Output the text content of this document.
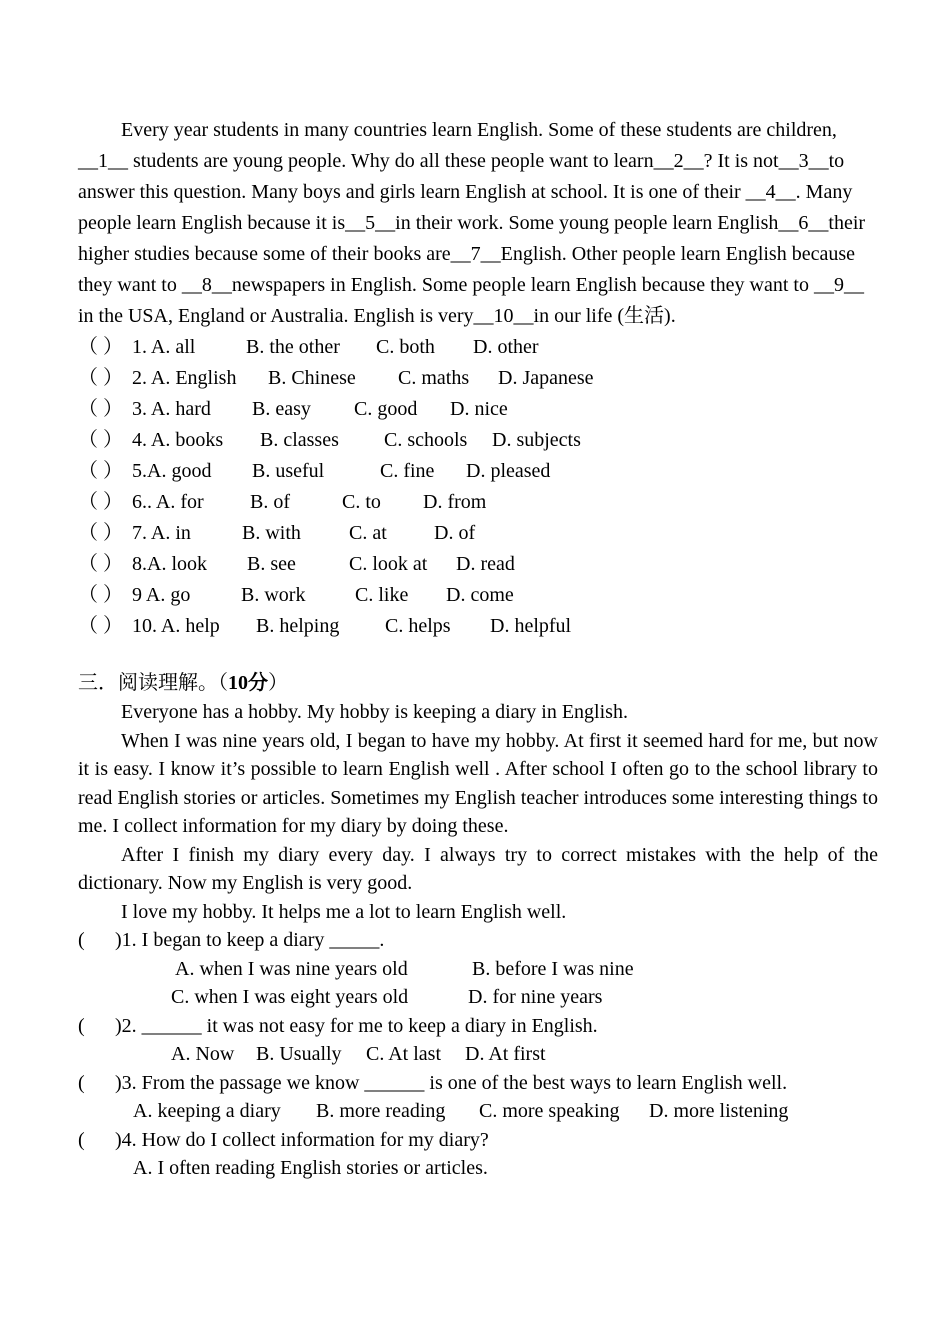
Every year students in many countries learn English. Some of these students are children, __1__ students are young people. Why do all these people want to learn__2__? It is not__3__to answer this question. Many boys and girls learn English at school. It is one of their __4__. Many people learn English because it is__5__in their work. Some young people learn English__6__their higher studies because some of their books are__7__English. Other people learn English because they want to __8__newspapers in English. Some people learn English because they want to __9__ in the USA, England or Australia. English is very__10__in our life (生活).

（ ） 1. A. all	B. the other	C. both	D. other
（ ） 2. A. English	B. Chinese	C. maths	D. Japanese
（ ） 3. A. hard	B. easy	C. good	D. nice
（ ） 4. A. books	B. classes	C. schools	D. subjects
（ ） 5.A. good	B. useful	C. fine	D. pleased
（ ） 6.. A. for	B. of	C. to	D. from
（ ） 7. A. in	B. with	C. at	D. of
（ ） 8.A. look	B. see	C. look at	D. read
（ ） 9 A. go	B. work	C. like	D. come
（ ） 10. A. help	B. helping	C. helps	D. helpful
三．阅读理解。（10分）

Everyone has a hobby. My hobby is keeping a diary in English.

When I was nine years old, I began to have my hobby. At first it seemed hard for me, but now it is easy. I know it’s possible to learn English well . After school I often go to the school library to read English stories or articles. Sometimes my English teacher introduces some interesting things to me. I collect information for my diary by doing these.

After I finish my diary every day. I always try to correct mistakes with the help of the dictionary. Now my English is very good.

I love my hobby. It helps me a lot to learn English well.

( )1. I began to keep a diary _____.
A. when I was nine years old	B. before I was nine
C. when I was eight years old	D. for nine years
( )2. ______ it was not easy for me to keep a diary in English.
A. Now	B. Usually	C. At last	D. At first
( )3. From the passage we know ______ is one of the best ways to learn English well.
A. keeping a diary	B. more reading	C. more speaking	D. more listening
( )4. How do I collect information for my diary?
A. I often reading English stories or articles.
